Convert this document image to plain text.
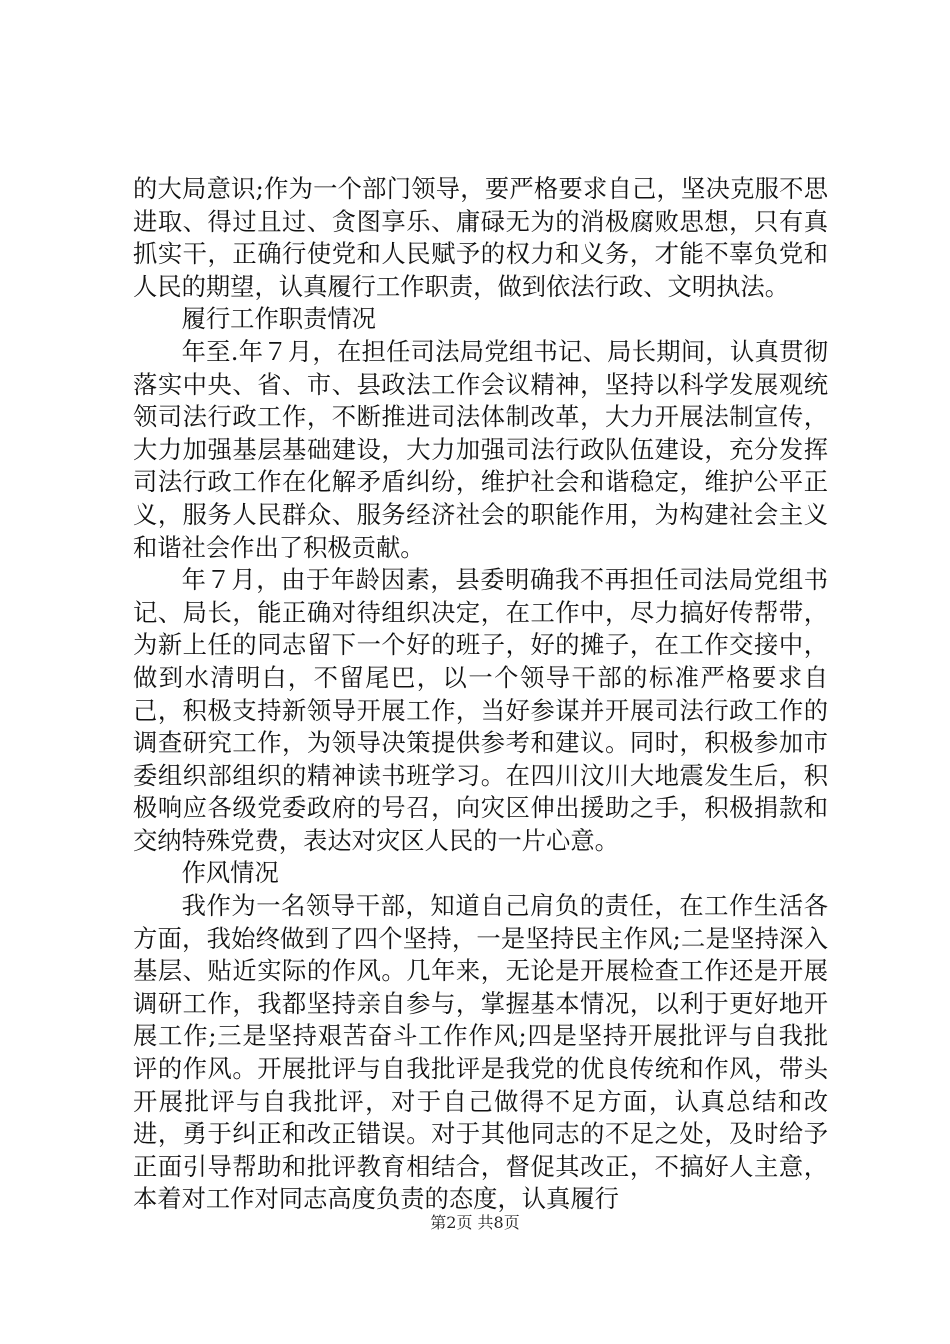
的大局意识;作为一个部门领导，要严格要求自己，坚决克服不思进取、得过且过、贪图享乐、庸碌无为的消极腐败思想，只有真抓实干，正确行使党和人民赋予的权力和义务，才能不辜负党和人民的期望，认真履行工作职责，做到依法行政、文明执法。

履行工作职责情况

年至.年７月，在担任司法局党组书记、局长期间，认真贯彻落实中央、省、市、县政法工作会议精神，坚持以科学发展观统领司法行政工作，不断推进司法体制改革，大力开展法制宣传，大力加强基层基础建设，大力加强司法行政队伍建设，充分发挥司法行政工作在化解矛盾纠纷，维护社会和谐稳定，维护公平正义，服务人民群众、服务经济社会的职能作用，为构建社会主义和谐社会作出了积极贡献。

年７月，由于年龄因素，县委明确我不再担任司法局党组书记、局长，能正确对待组织决定，在工作中，尽力搞好传帮带，为新上任的同志留下一个好的班子，好的摊子，在工作交接中，做到水清明白，不留尾巴，以一个领导干部的标准严格要求自己，积极支持新领导开展工作，当好参谋并开展司法行政工作的调查研究工作，为领导决策提供参考和建议。同时，积极参加市委组织部组织的精神读书班学习。在四川汶川大地震发生后，积极响应各级党委政府的号召，向灾区伸出援助之手，积极捐款和交纳特殊党费，表达对灾区人民的一片心意。

作风情况

我作为一名领导干部，知道自己肩负的责任，在工作生活各方面，我始终做到了四个坚持，一是坚持民主作风;二是坚持深入基层、贴近实际的作风。几年来，无论是开展检查工作还是开展调研工作，我都坚持亲自参与，掌握基本情况，以利于更好地开展工作;三是坚持艰苦奋斗工作作风;四是坚持开展批评与自我批评的作风。开展批评与自我批评是我党的优良传统和作风，带头开展批评与自我批评，对于自己做得不足方面，认真总结和改进，勇于纠正和改正错误。对于其他同志的不足之处，及时给予正面引导帮助和批评教育相结合，督促其改正，不搞好人主意，本着对工作对同志高度负责的态度，认真履行

第2页 共8页
